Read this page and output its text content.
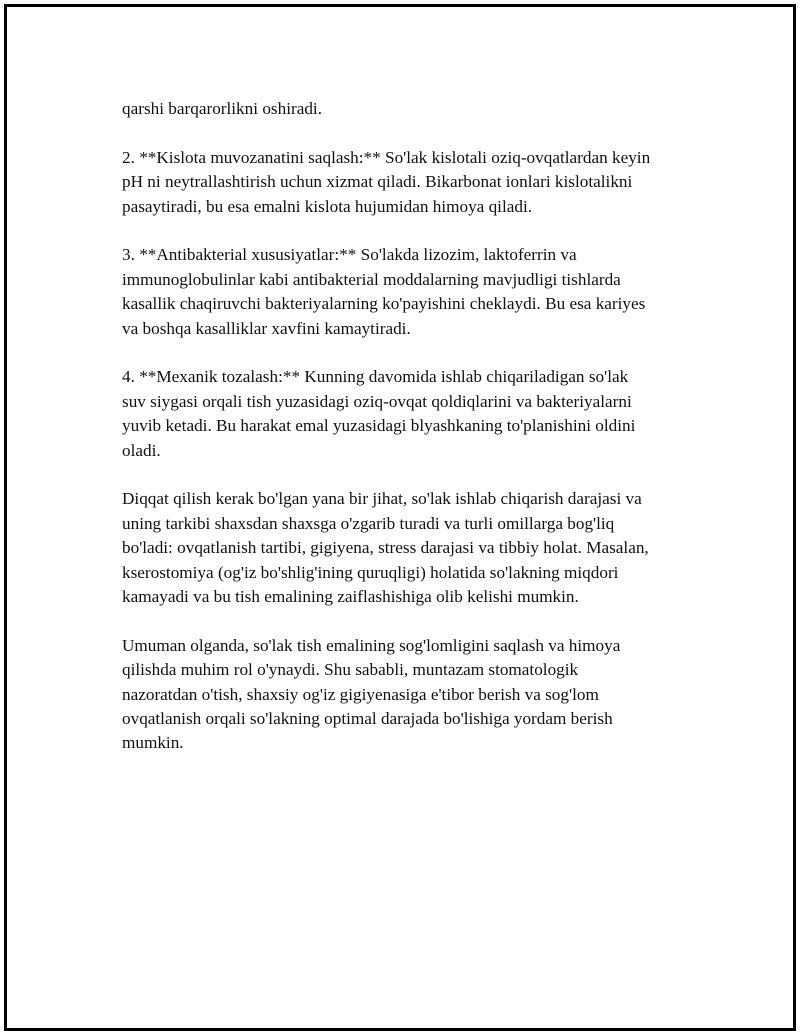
qarshi barqarorlikni oshiradi.

2. **Kislota muvozanatini saqlash:** So'lak kislotali oziq-ovqatlardan keyin
pH ni neytrallashtirish uchun xizmat qiladi. Bikarbonat ionlari kislotalikni
pasaytiradi, bu esa emalni kislota hujumidan himoya qiladi.

3. **Antibakterial xususiyatlar:** So'lakda lizozim, laktoferrin va
immunoglobulinlar kabi antibakterial moddalarning mavjudligi tishlarda
kasallik chaqiruvchi bakteriyalarning ko'payishini cheklaydi. Bu esa kariyes
va boshqa kasalliklar xavfini kamaytiradi.

4. **Mexanik tozalash:** Kunning davomida ishlab chiqariladigan so'lak
suv siygasi orqali tish yuzasidagi oziq-ovqat qoldiqlarini va bakteriyalarni
yuvib ketadi. Bu harakat emal yuzasidagi blyashkaning to'planishini oldini
oladi.

Diqqat qilish kerak bo'lgan yana bir jihat, so'lak ishlab chiqarish darajasi va
uning tarkibi shaxsdan shaxsga o'zgarib turadi va turli omillarga bog'liq
bo'ladi: ovqatlanish tartibi, gigiyena, stress darajasi va tibbiy holat. Masalan,
kserostomiya (og'iz bo'shlig'ining quruqligi) holatida so'lakning miqdori
kamayadi va bu tish emalining zaiflashishiga olib kelishi mumkin.

Umuman olganda, so'lak tish emalining sog'lomligini saqlash va himoya
qilishda muhim rol o'ynaydi. Shu sababli, muntazam stomatologik
nazoratdan o'tish, shaxsiy og'iz gigiyenasiga e'tibor berish va sog'lom
ovqatlanish orqali so'lakning optimal darajada bo'lishiga yordam berish
mumkin.
